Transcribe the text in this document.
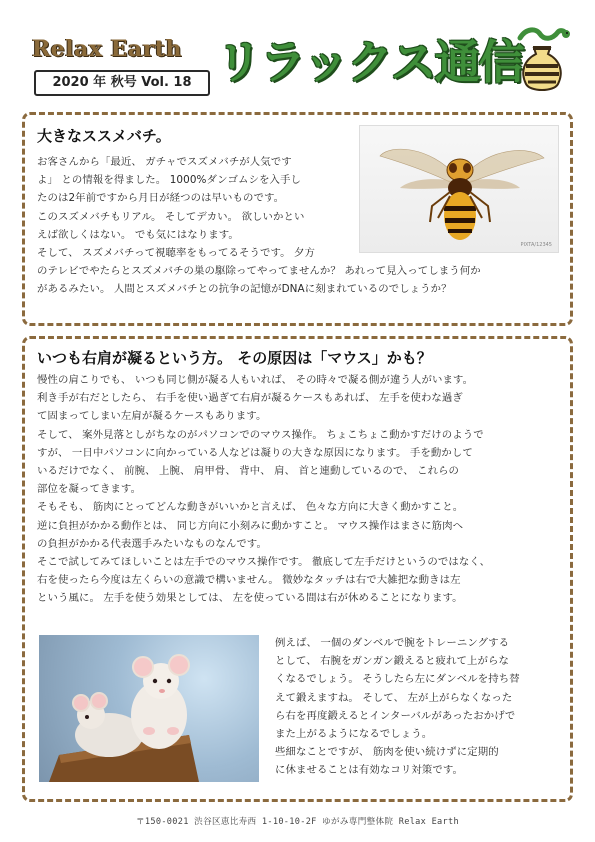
Relax Earth
2020 年 秋号 Vol. 18 リラックス通信
大きなススメバチ。
お客さんから「最近、 ガチャでスズメバチが人気です
よ」 との情報を得ました。 1000%ダンゴムシを入手し
たのは2年前ですから月日が経つのは早いものです。
このスズメバチもリアル。 そしてデカい。 欲しいかとい
えば欲しくはない。 でも気にはなります。
そして、 スズメバチって視聴率をもってるそうです。 夕方
のテレビでやたらとスズメバチの巣の駆除ってやってませんか？ あれって見入ってしまう何か
があるみたい。 人間とスズメバチとの抗争の記憶がDNAに刻まれているのでしょうか？
PIXTA/12345
いつも右肩が凝るという方。 その原因は「マウス」かも？
慢性の肩こりでも、 いつも同じ側が凝る人もいれば、 その時々で凝る側が違う人がいます。
利き手が右だとしたら、 右手を使い過ぎて右肩が凝るケースもあれば、 左手を使わな過ぎ
て固まってしまい左肩が凝るケースもあります。
そして、 案外見落としがちなのがパソコンでのマウス操作。 ちょこちょこ動かすだけのようで
すが、 一日中パソコンに向かっている人などは凝りの大きな原因になります。 手を動かして
いるだけでなく、 前腕、 上腕、 肩甲骨、 背中、 肩、 首と連動しているので、 これらの
部位を凝ってきます。
そもそも、 筋肉にとってどんな動きがいいかと言えば、 色々な方向に大きく動かすこと。
逆に負担がかかる動作とは、 同じ方向に小刻みに動かすこと。 マウス操作はまさに筋肉へ
の負担がかかる代表選手みたいなものなんです。
そこで試してみてほしいことは左手でのマウス操作です。 徹底して左手だけというのではなく、
右を使ったら今度は左くらいの意識で構いません。 微妙なタッチは右で大雑把な動きは左
という風に。 左手を使う効果としては、 左を使っている間は右が休めることになります。
例えば、 一個のダンベルで腕をトレーニングする
として、 右腕をガンガン鍛えると疲れて上がらな
くなるでしょう。 そうしたら左にダンベルを持ち替
えて鍛えますね。 そして、 左が上がらなくなった
ら右を再度鍛えるとインターバルがあったおかげで
また上がるようになるでしょう。
些細なことですが、 筋肉を使い続けずに定期的
に休ませることは有効なコリ対策です。
〒150-0021 渋谷区恵比寿西 1-10-10-2F ゆがみ専門整体院 Relax Earth
